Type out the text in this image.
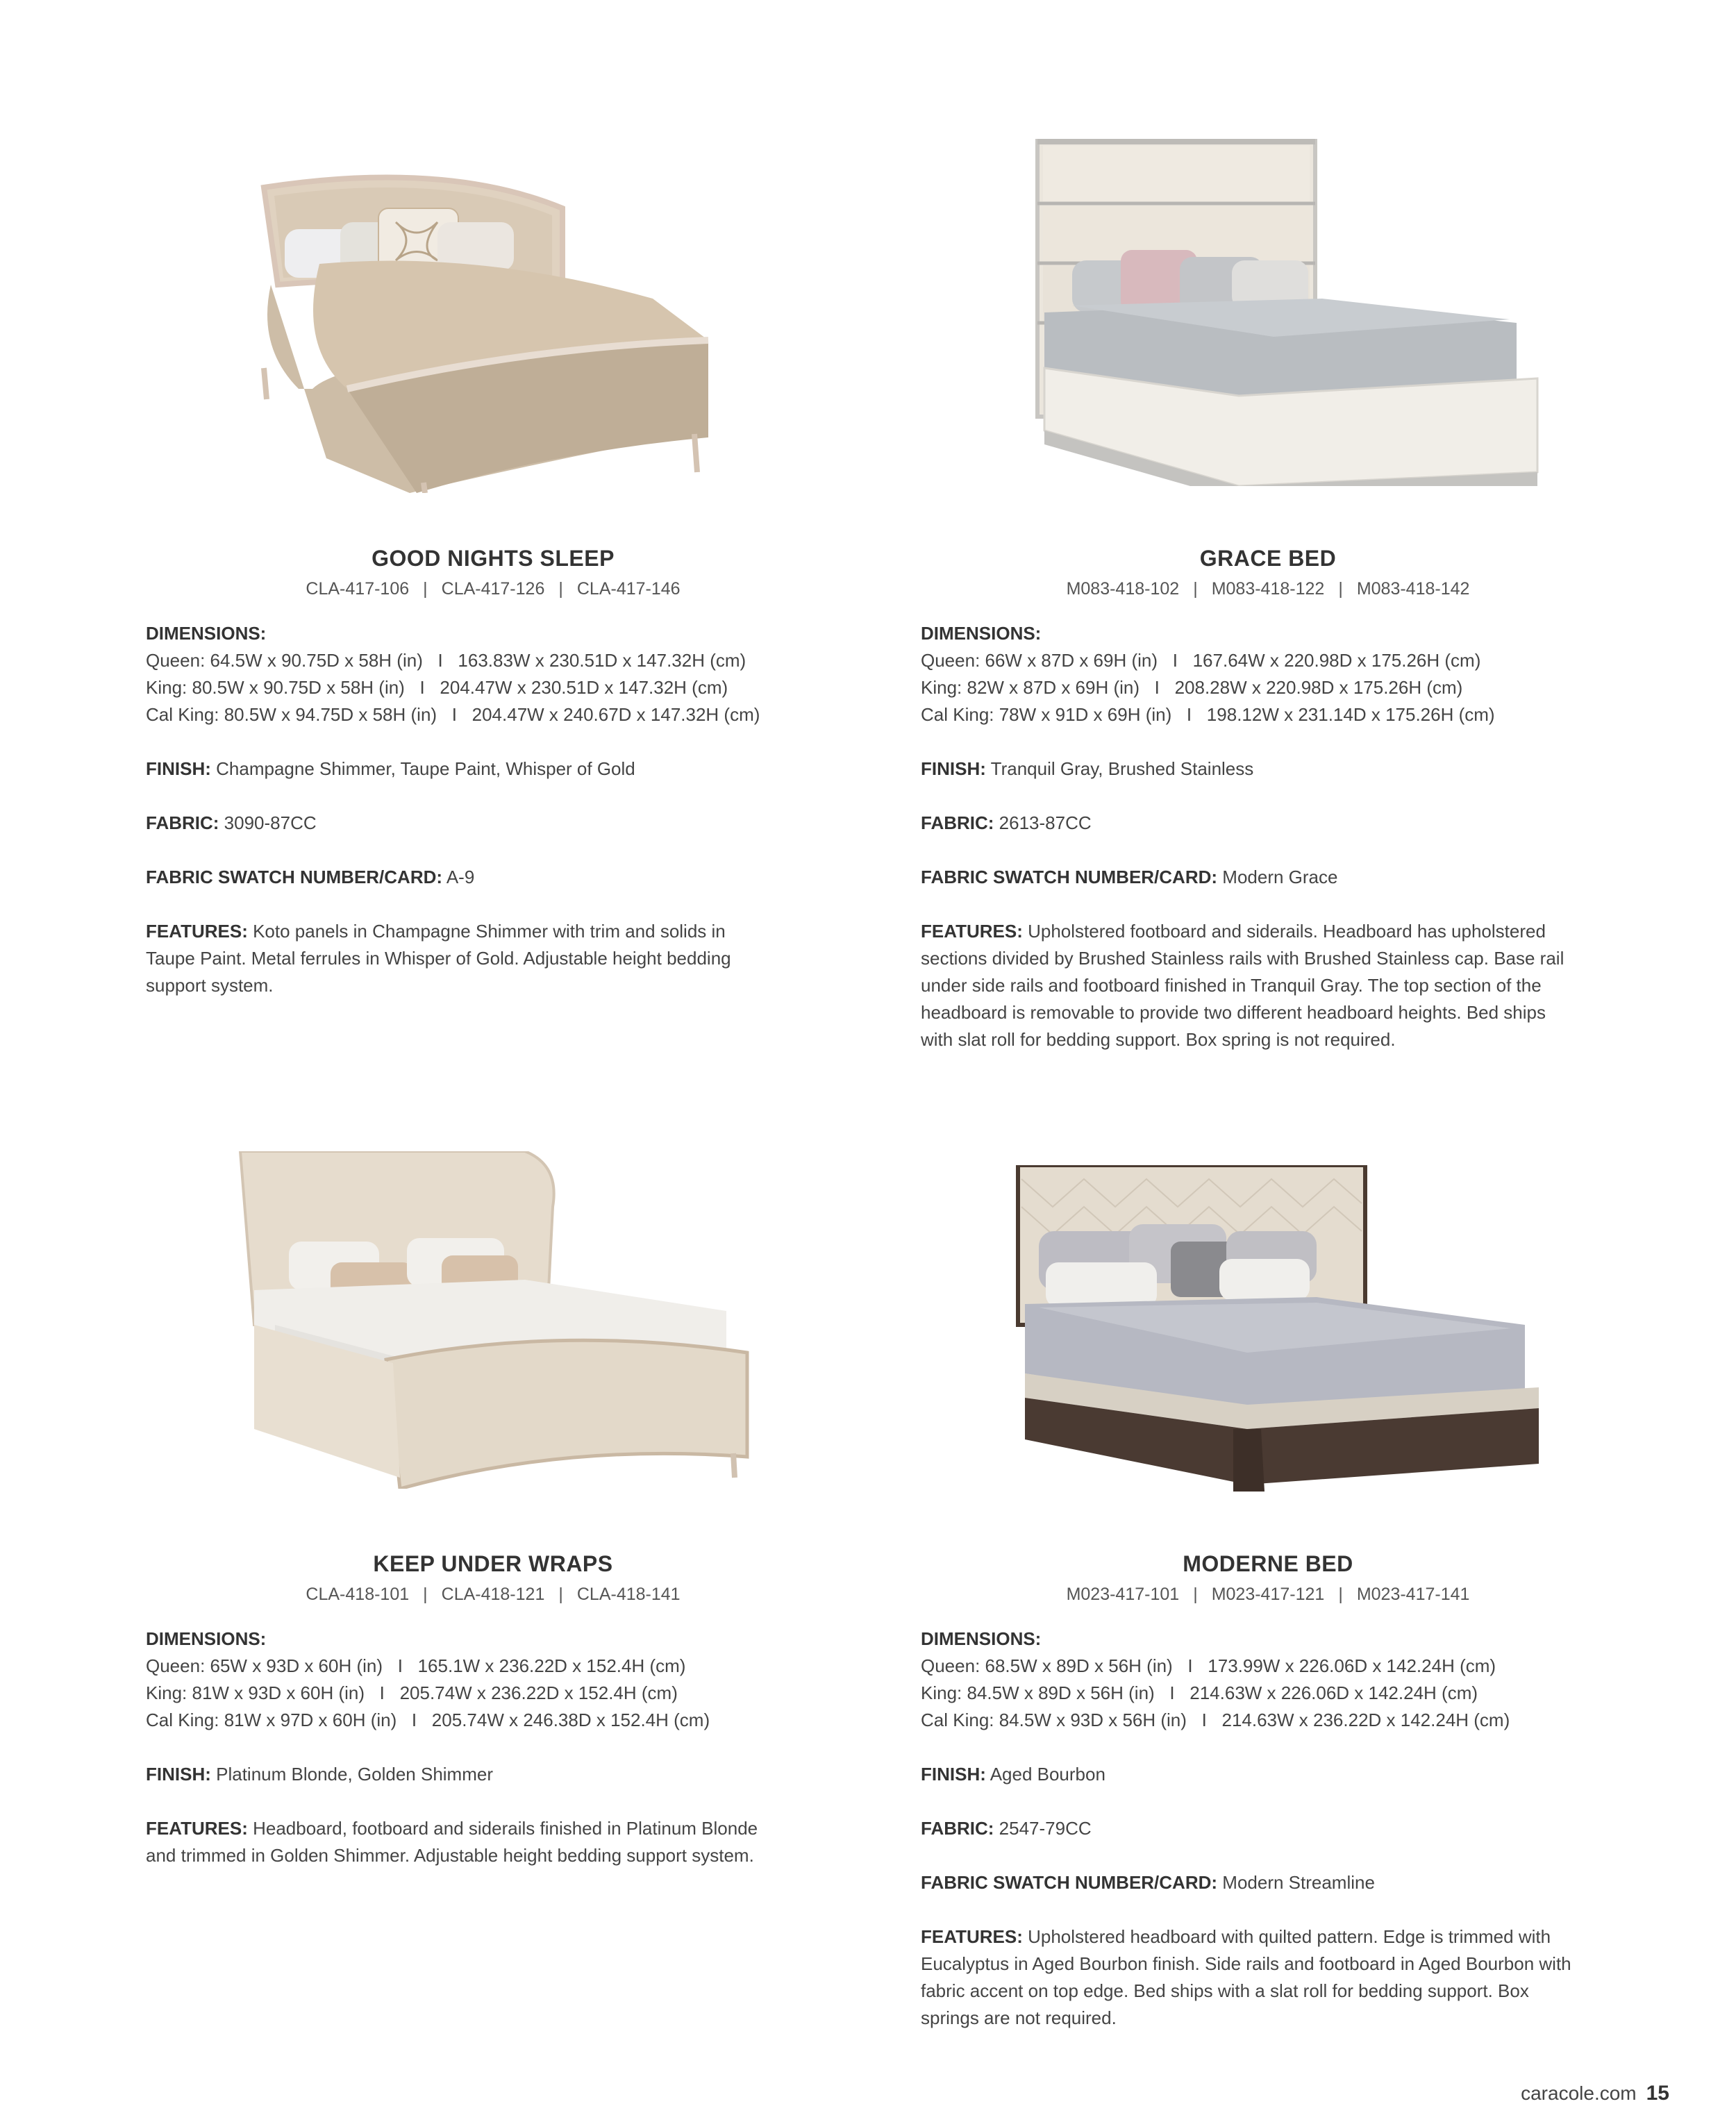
GOOD NIGHTS SLEEP
CLA-417-106 | CLA-417-126 | CLA-417-146
DIMENSIONS:
Queen: 64.5W x 90.75D x 58H (in)   I   163.83W x 230.51D x 147.32H (cm)
King: 80.5W x 90.75D x 58H (in)   I   204.47W x 230.51D x 147.32H (cm)
Cal King: 80.5W x 94.75D x 58H (in)   I   204.47W x 240.67D x 147.32H (cm)
FINISH: Champagne Shimmer, Taupe Paint, Whisper of Gold
FABRIC: 3090-87CC
FABRIC SWATCH NUMBER/CARD: A-9
FEATURES: Koto panels in Champagne Shimmer with trim and solids in Taupe Paint. Metal ferrules in Whisper of Gold. Adjustable height bedding support system.
GRACE BED
M083-418-102 | M083-418-122 | M083-418-142
DIMENSIONS:
Queen: 66W x 87D x 69H (in)   I   167.64W x 220.98D x 175.26H (cm)
King: 82W x 87D x 69H (in)   I   208.28W x 220.98D x 175.26H (cm)
Cal King: 78W x 91D x 69H (in)   I   198.12W x 231.14D x 175.26H (cm)
FINISH: Tranquil Gray, Brushed Stainless
FABRIC: 2613-87CC
FABRIC SWATCH NUMBER/CARD: Modern Grace
FEATURES: Upholstered footboard and siderails. Headboard has upholstered sections divided by Brushed Stainless rails with Brushed Stainless cap. Base rail under side rails and footboard finished in Tranquil Gray. The top section of the headboard is removable to provide two different headboard heights. Bed ships with slat roll for bedding support. Box spring is not required.
KEEP UNDER WRAPS
CLA-418-101 | CLA-418-121 | CLA-418-141
DIMENSIONS:
Queen: 65W x 93D x 60H (in)   I   165.1W x 236.22D x 152.4H (cm)
King: 81W x 93D x 60H (in)   I   205.74W x 236.22D x 152.4H (cm)
Cal King: 81W x 97D x 60H (in)   I   205.74W x 246.38D x 152.4H (cm)
FINISH: Platinum Blonde, Golden Shimmer
FEATURES: Headboard, footboard and siderails finished in Platinum Blonde and trimmed in Golden Shimmer. Adjustable height bedding support system.
MODERNE BED
M023-417-101 | M023-417-121 | M023-417-141
DIMENSIONS:
Queen: 68.5W x 89D x 56H (in)   I   173.99W x 226.06D x 142.24H (cm)
King: 84.5W x 89D x 56H (in)   I   214.63W x 226.06D x 142.24H (cm)
Cal King: 84.5W x 93D x 56H (in)   I   214.63W x 236.22D x 142.24H (cm)
FINISH: Aged Bourbon
FABRIC: 2547-79CC
FABRIC SWATCH NUMBER/CARD: Modern Streamline
FEATURES: Upholstered headboard with quilted pattern. Edge is trimmed with Eucalyptus in Aged Bourbon finish. Side rails and footboard in Aged Bourbon with fabric accent on top edge. Bed ships with a slat roll for bedding support. Box springs are not required.
caracole.com 15
